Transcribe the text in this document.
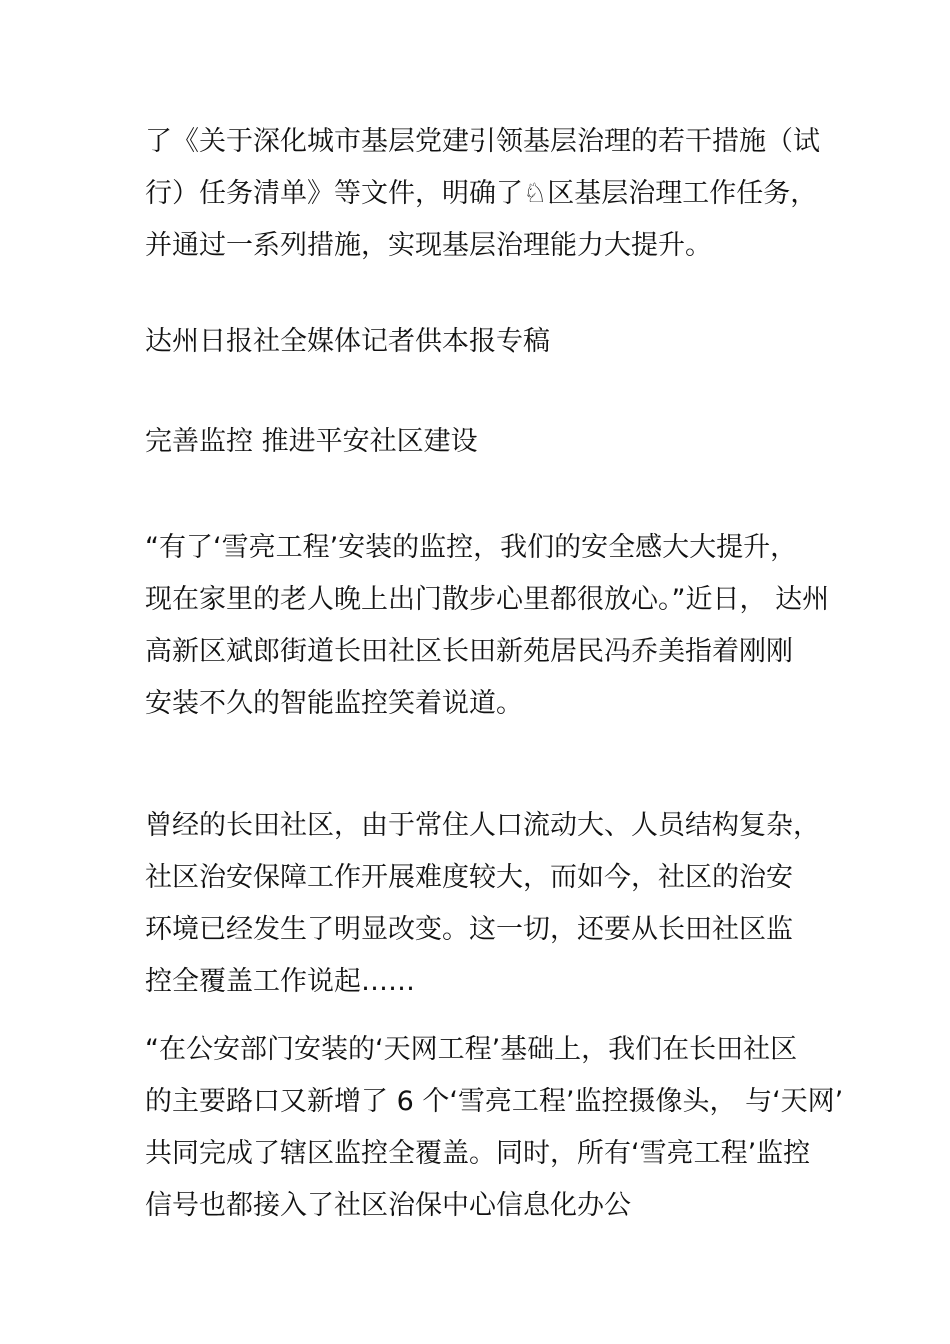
了《关于深化城市基层党建引领基层治理的若干措施（试
行）任务清单》等文件，明确了♘区基层治理工作任务，
并通过一系列措施，实现基层治理能力大提升。

达州日报社全媒体记者供本报专稿

完善监控 推进平安社区建设

“有了‘雪亮工程’安装的监控，我们的安全感大大提升，
现在家里的老人晚上出门散步心里都很放心。”近日， 达州
高新区斌郎街道长田社区长田新苑居民冯乔美指着刚刚
安装不久的智能监控笑着说道。

曾经的长田社区，由于常住人口流动大、人员结构复杂，
社区治安保障工作开展难度较大，而如今，社区的治安
环境已经发生了明显改变。这一切，还要从长田社区监
控全覆盖工作说起……

“在公安部门安装的‘天网工程’基础上，我们在长田社区
的主要路口又新增了 6 个‘雪亮工程’监控摄像头， 与‘天网’
共同完成了辖区监控全覆盖。同时，所有‘雪亮工程’监控
信号也都接入了社区治保中心信息化办公
